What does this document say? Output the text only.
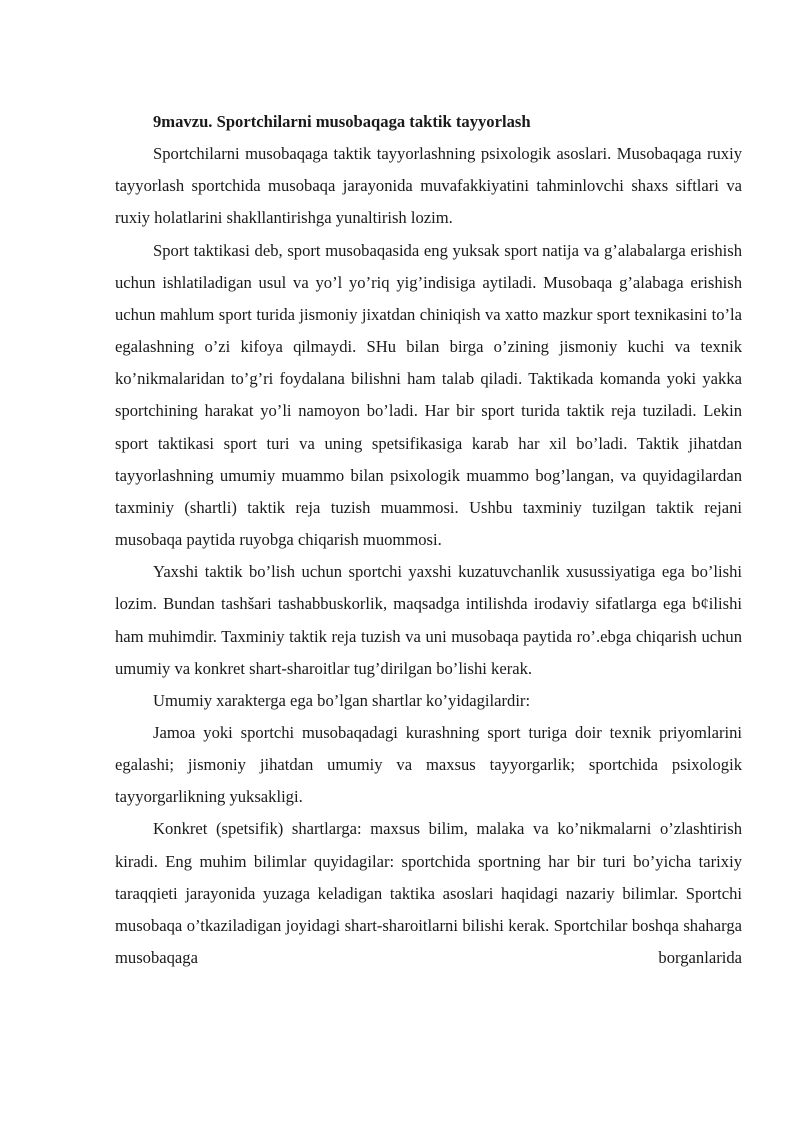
9mavzu. Sportchilarni musobaqaga taktik tayyorlash

Sportchilarni musobaqaga taktik tayyorlashning psixologik asoslari. Musobaqaga ruxiy tayyorlash sportchida musobaqa jarayonida muvafakkiyatini tahminlovchi shaxs siftlari va ruxiy holatlarini shakllantirishga yunaltirish lozim.

Sport taktikasi deb, sport musobaqasida eng yuksak sport natija va g’alabalarga erishish uchun ishlatiladigan usul va yo’l yo’riq yig’indisiga aytiladi. Musobaqa g’alabaga erishish uchun mahlum sport turida jismoniy jixatdan chiniqish va xatto mazkur sport texnikasini to’la egalashning o’zi kifoya qilmaydi. SHu bilan birga o’zining jismoniy kuchi va texnik ko’nikmalaridan to’g’ri foydalana bilishni ham talab qiladi. Taktikada komanda yoki yakka sportchining harakat yo’li namoyon bo’ladi. Har bir sport turida taktik reja tuziladi. Lekin sport taktikasi sport turi va uning spetsifikasiga karab har xil bo’ladi. Taktik jihatdan tayyorlashning umumiy muammo bilan psixologik muammo bog’langan, va quyidagilardan taxminiy (shartli) taktik reja tuzish muammosi. Ushbu taxminiy tuzilgan taktik rejani musobaqa paytida ruyobga chiqarish muommosi.

Yaxshi taktik bo’lish uchun sportchi yaxshi kuzatuvchanlik xusussiyatiga ega bo’lishi lozim. Bundan tashšari tashabbuskorlik, maqsadga intilishda irodaviy sifatlarga ega b¢ilishi ham muhimdir. Taxminiy taktik reja tuzish va uni musobaqa paytida ro’.ebga chiqarish uchun umumiy va konkret shart-sharoitlar tug’dirilgan bo’lishi kerak.

Umumiy xarakterga ega bo’lgan shartlar ko’yidagilardir:

Jamoa yoki sportchi musobaqadagi kurashning sport turiga doir texnik priyomlarini egalashi; jismoniy jihatdan umumiy va maxsus tayyorgarlik; sportchida psixologik tayyorgarlikning yuksakligi.

Konkret (spetsifik) shartlarga: maxsus bilim, malaka va ko’nikmalarni o’zlashtirish kiradi. Eng muhim bilimlar quyidagilar: sportchida sportning har bir turi bo’yicha tarixiy taraqqieti jarayonida yuzaga keladigan taktika asoslari haqidagi nazariy bilimlar. Sportchi musobaqa o’tkaziladigan joyidagi shart-sharoitlarni bilishi kerak. Sportchilar boshqa shaharga musobaqaga borganlarida
